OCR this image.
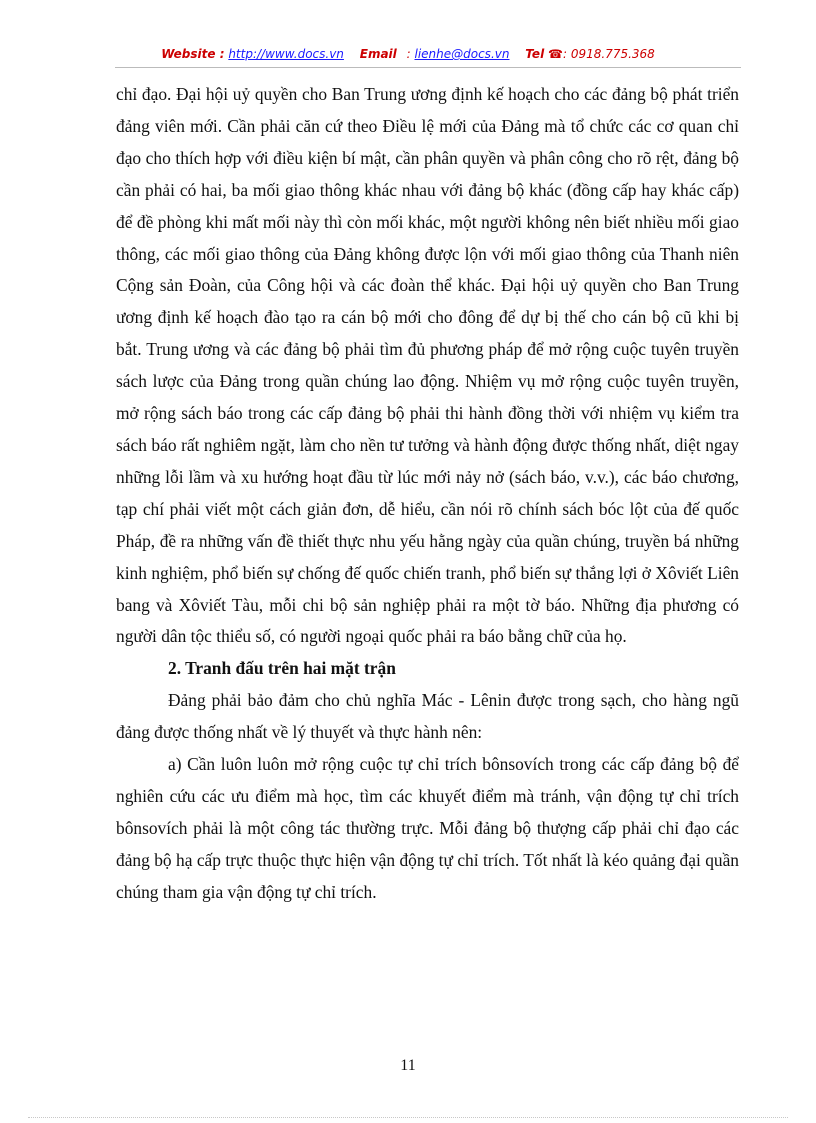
Website : http://www.docs.vn Email : lienhe@docs.vn Tel ☎: 0918.775.368

chỉ đạo. Đại hội uỷ quyền cho Ban Trung ương định kế hoạch cho các đảng bộ phát triển đảng viên mới. Cần phải căn cứ theo Điều lệ mới của Đảng mà tổ chức các cơ quan chỉ đạo cho thích hợp với điều kiện bí mật, cần phân quyền và phân công cho rõ rệt, đảng bộ cần phải có hai, ba mối giao thông khác nhau với đảng bộ khác (đồng cấp hay khác cấp) để đề phòng khi mất mối này thì còn mối khác, một người không nên biết nhiều mối giao thông, các mối giao thông của Đảng không được lộn với mối giao thông của Thanh niên Cộng sản Đoàn, của Công hội và các đoàn thể khác. Đại hội uỷ quyền cho Ban Trung ương định kế hoạch đào tạo ra cán bộ mới cho đông để dự bị thế cho cán bộ cũ khi bị bắt. Trung ương và các đảng bộ phải tìm đủ phương pháp để mở rộng cuộc tuyên truyền sách lược của Đảng trong quần chúng lao động. Nhiệm vụ mở rộng cuộc tuyên truyền, mở rộng sách báo trong các cấp đảng bộ phải thi hành đồng thời với nhiệm vụ kiểm tra sách báo rất nghiêm ngặt, làm cho nền tư tưởng và hành động được thống nhất, diệt ngay những lỗi lầm và xu hướng hoạt đầu từ lúc mới nảy nở (sách báo, v.v.), các báo chương, tạp chí phải viết một cách giản đơn, dễ hiểu, cần nói rõ chính sách bóc lột của đế quốc Pháp, đề ra những vấn đề thiết thực nhu yếu hằng ngày của quần chúng, truyền bá những kinh nghiệm, phổ biến sự chống đế quốc chiến tranh, phổ biến sự thắng lợi ở Xôviết Liên bang và Xôviết Tàu, mỗi chi bộ sản nghiệp phải ra một tờ báo. Những địa phương có người dân tộc thiểu số, có người ngoại quốc phải ra báo bằng chữ của họ.

2. Tranh đấu trên hai mặt trận

Đảng phải bảo đảm cho chủ nghĩa Mác - Lênin được trong sạch, cho hàng ngũ đảng được thống nhất về lý thuyết và thực hành nên:

a) Cần luôn luôn mở rộng cuộc tự chỉ trích bônsovích trong các cấp đảng bộ để nghiên cứu các ưu điểm mà học, tìm các khuyết điểm mà tránh, vận động tự chỉ trích bônsovích phải là một công tác thường trực. Mỗi đảng bộ thượng cấp phải chỉ đạo các đảng bộ hạ cấp trực thuộc thực hiện vận động tự chỉ trích. Tốt nhất là kéo quảng đại quần chúng tham gia vận động tự chỉ trích.

11
